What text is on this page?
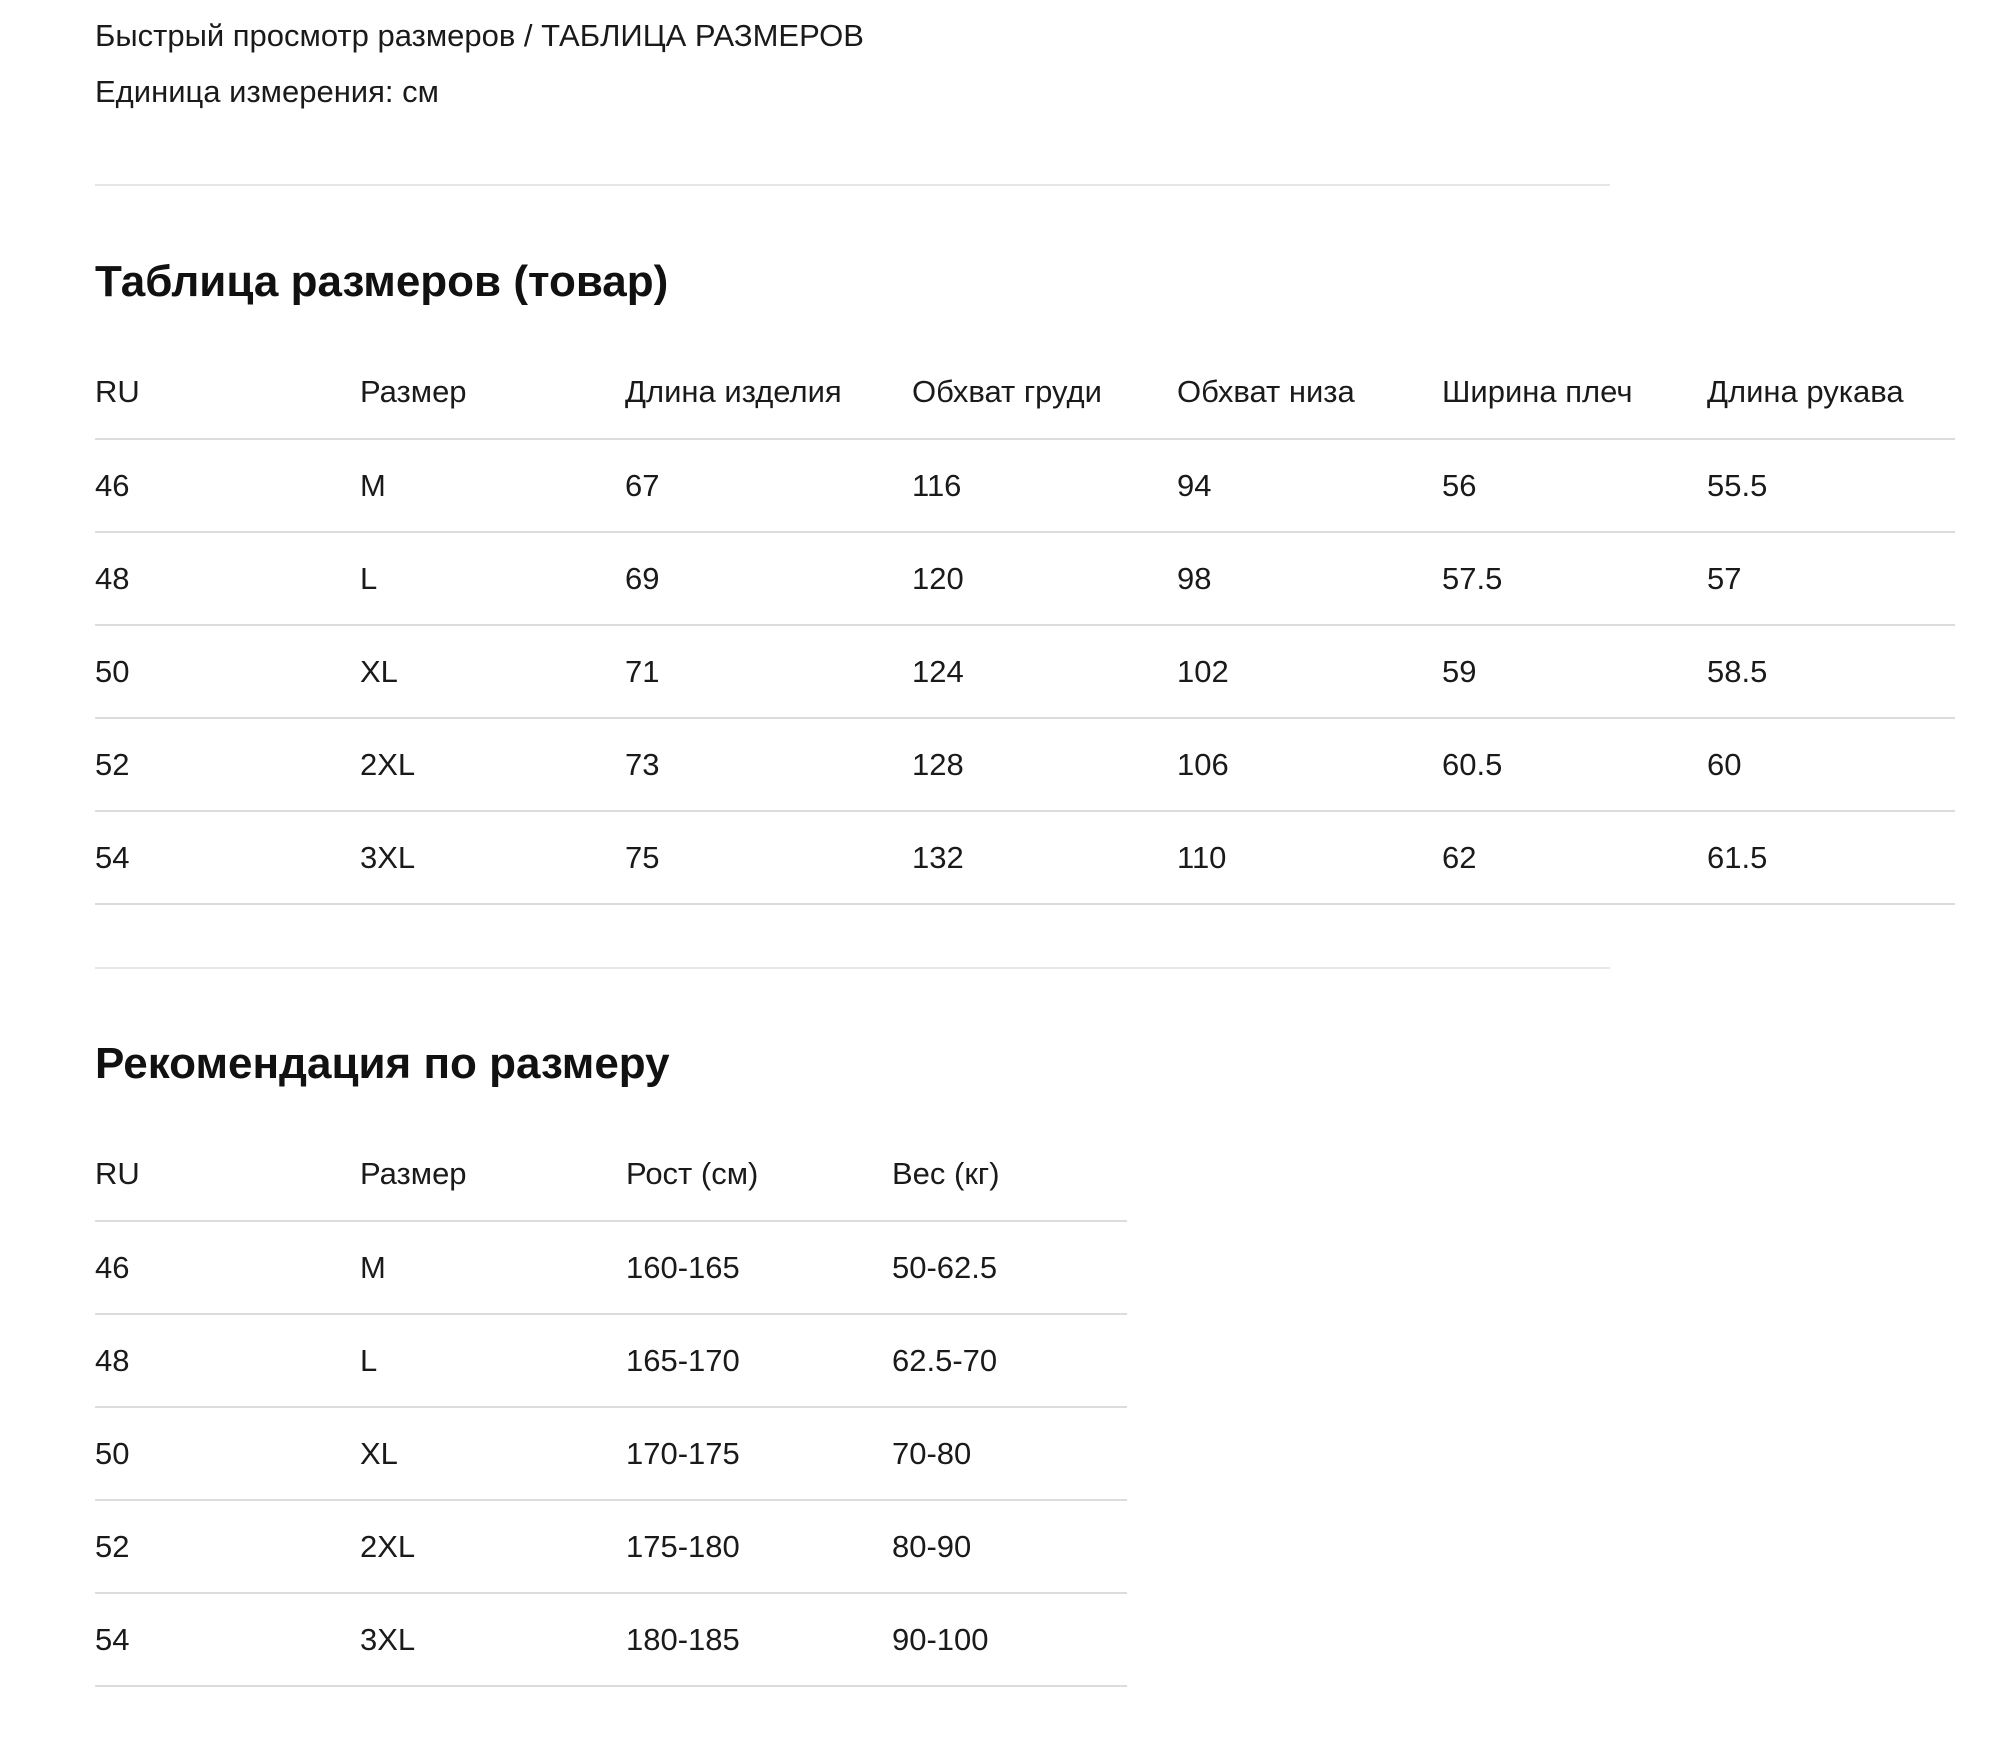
Быстрый просмотр размеров / ТАБЛИЦА РАЗМЕРОВ
Единица измерения: см
Таблица размеров (товар)
RU	Размер	Длина изделия	Обхват груди	Обхват низа	Ширина плеч	Длина рукава
46	M	67	116	94	56	55.5
48	L	69	120	98	57.5	57
50	XL	71	124	102	59	58.5
52	2XL	73	128	106	60.5	60
54	3XL	75	132	110	62	61.5
Рекомендация по размеру
RU	Размер	Рост (см)	Вес (кг)
46	M	160-165	50-62.5
48	L	165-170	62.5-70
50	XL	170-175	70-80
52	2XL	175-180	80-90
54	3XL	180-185	90-100
